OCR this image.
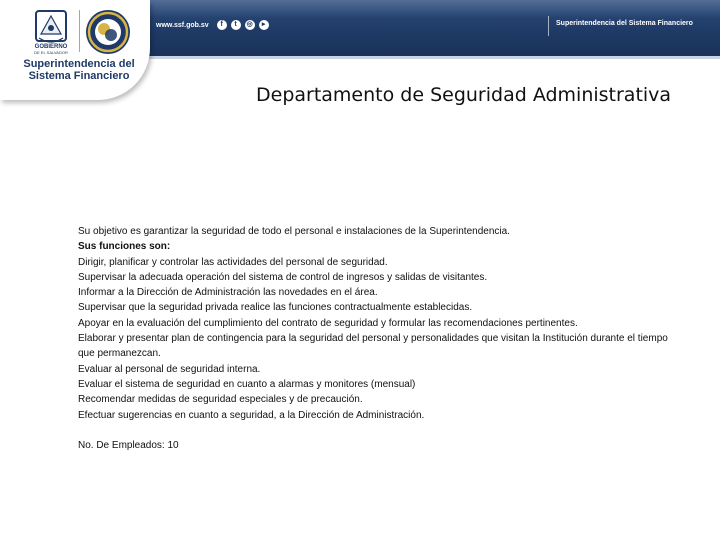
www.ssf.gob.sv	f	t	◎	▸	Superintendencia del Sistema Financiero
GOBIERNO
DE EL SALVADOR
Superintendencia del
Sistema Financiero
Departamento de Seguridad Administrativa

Su objetivo es garantizar la seguridad de todo el personal e instalaciones de la Superintendencia.

Sus funciones son:

Dirigir, planificar y controlar las actividades del personal de seguridad.

Supervisar la adecuada operación del sistema de control de ingresos y salidas de visitantes.

Informar a la Dirección de Administración las novedades en el área.

Supervisar que la seguridad privada realice las funciones contractualmente establecidas.

Apoyar en la evaluación del cumplimiento del contrato de seguridad y formular las recomendaciones pertinentes.

Elaborar y presentar plan de contingencia para la seguridad del personal y personalidades que visitan la Institución durante el tiempo que permanezcan.

Evaluar al personal de seguridad interna.

Evaluar el sistema de seguridad en cuanto a alarmas y monitores (mensual)

Recomendar medidas de seguridad especiales y de precaución.

Efectuar sugerencias en cuanto a seguridad, a la Dirección de Administración.

No. De Empleados: 10
